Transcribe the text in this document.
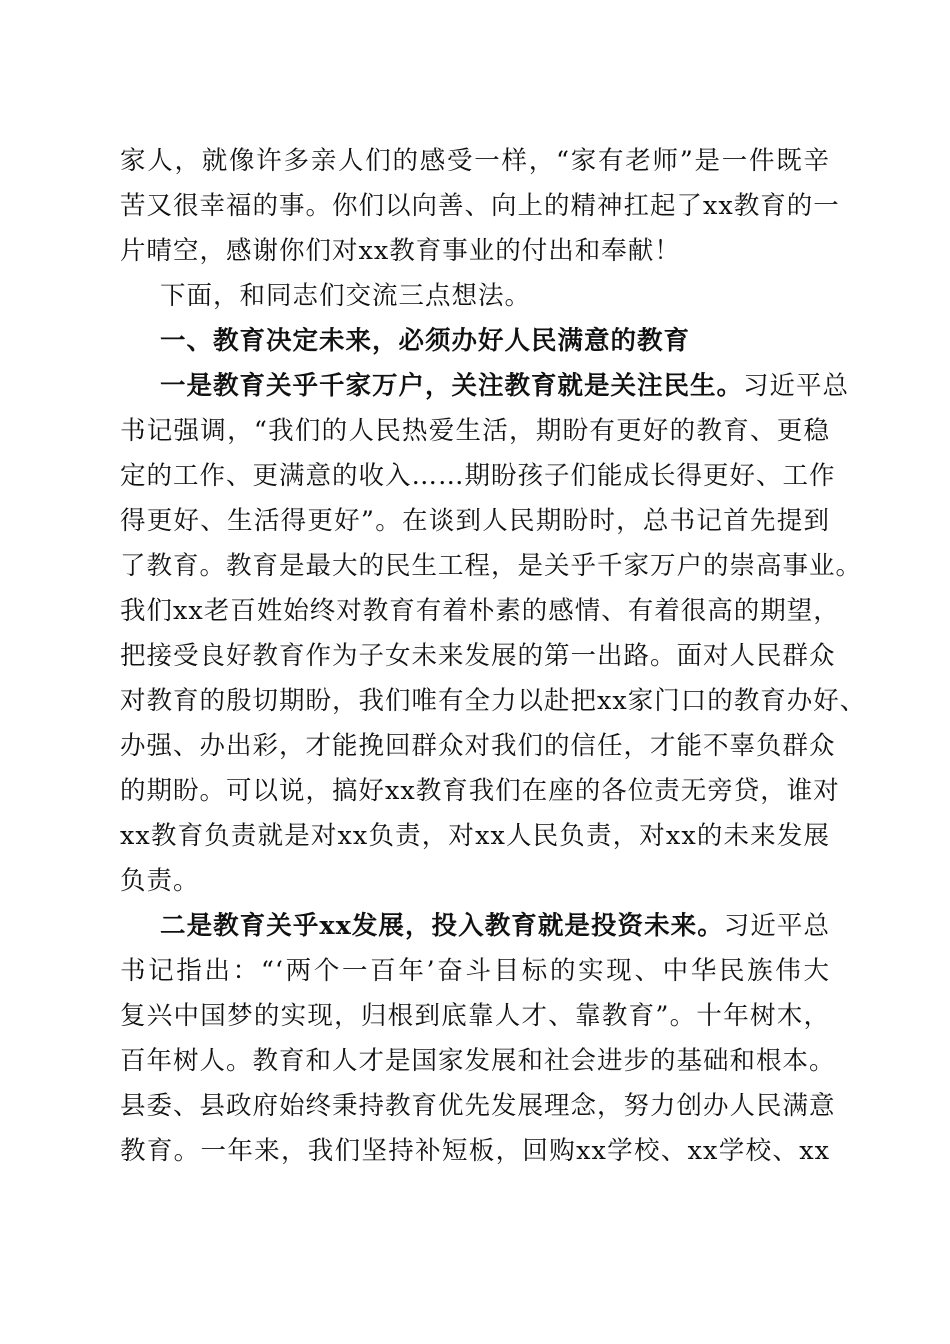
家人，就像许多亲人们的感受一样，“家有老师”是一件既辛
苦又很幸福的事。你们以向善、向上的精神扛起了xx教育的一
片晴空，感谢你们对xx教育事业的付出和奉献！
下面，和同志们交流三点想法。
一、教育决定未来，必须办好人民满意的教育
一是教育关乎千家万户，关注教育就是关注民生。习近平总
书记强调，“我们的人民热爱生活，期盼有更好的教育、更稳
定的工作、更满意的收入……期盼孩子们能成长得更好、工作
得更好、生活得更好”。在谈到人民期盼时，总书记首先提到
了教育。教育是最大的民生工程，是关乎千家万户的崇高事业。
我们xx老百姓始终对教育有着朴素的感情、有着很高的期望，
把接受良好教育作为子女未来发展的第一出路。面对人民群众
对教育的殷切期盼，我们唯有全力以赴把xx家门口的教育办好、
办强、办出彩，才能挽回群众对我们的信任，才能不辜负群众
的期盼。可以说，搞好xx教育我们在座的各位责无旁贷，谁对
xx教育负责就是对xx负责，对xx人民负责，对xx的未来发展
负责。
二是教育关乎xx发展，投入教育就是投资未来。习近平总
书记指出：“‘两个一百年’奋斗目标的实现、中华民族伟大
复兴中国梦的实现，归根到底靠人才、靠教育”。十年树木，
百年树人。教育和人才是国家发展和社会进步的基础和根本。
县委、县政府始终秉持教育优先发展理念，努力创办人民满意
教育。一年来，我们坚持补短板，回购xx学校、xx学校、xx
